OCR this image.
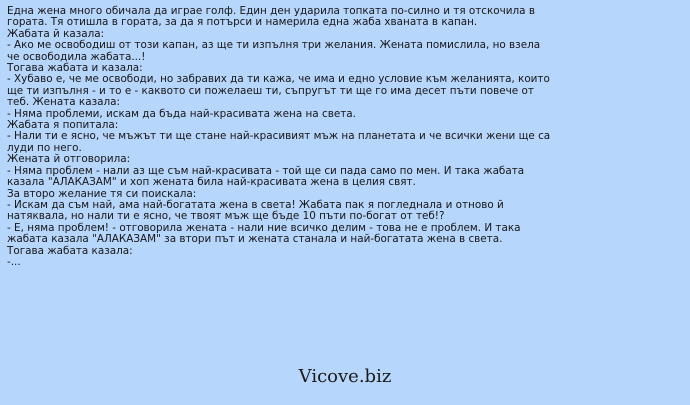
Една жена много обичала да играе голф. Един ден ударила топката по-силно и тя отскочила в
гората. Тя отишла в гората, за да я потърси и намерила една жаба хваната в капан.
Жабата й казала:
- Ако ме освободиш от този капан, аз ще ти изпълня три желания. Жената помислила, но взела
че освободила жабата...!
Тогава жабата и казала:
- Хубаво е, че ме освободи, но забравих да ти кажа, че има и едно условие към желанията, които
ще ти изпълня - и то е - каквото си пожелаеш ти, съпругът ти ще го има десет пъти повече от
теб. Жената казала:
- Няма проблеми, искам да бъда най-красивата жена на света.
Жабата я попитала:
- Нали ти е ясно, че мъжът ти ще стане най-красивият мъж на планетата и че всички жени ще са
луди по него.
Жената й отговорила:
- Няма проблем - нали аз ще съм най-красивата - той ще си пада само по мен. И така жабата
казала "АЛАКАЗАМ" и хоп жената била най-красивата жена в целия свят.
За второ желание тя си поискала:
- Искам да съм най, ама най-богатата жена в света! Жабата пак я погледнала и отново й
натяквала, но нали ти е ясно, че твоят мъж ще бъде 10 пъти по-богат от теб!?
- Е, няма проблем! - отговорила жената - нали ние всичко делим - това не е проблем. И така
жабата казала "АЛАКАЗАМ" за втори път и жената станала и най-богатата жена в света.
Тогава жабата казала:
-...
Vicove.biz
